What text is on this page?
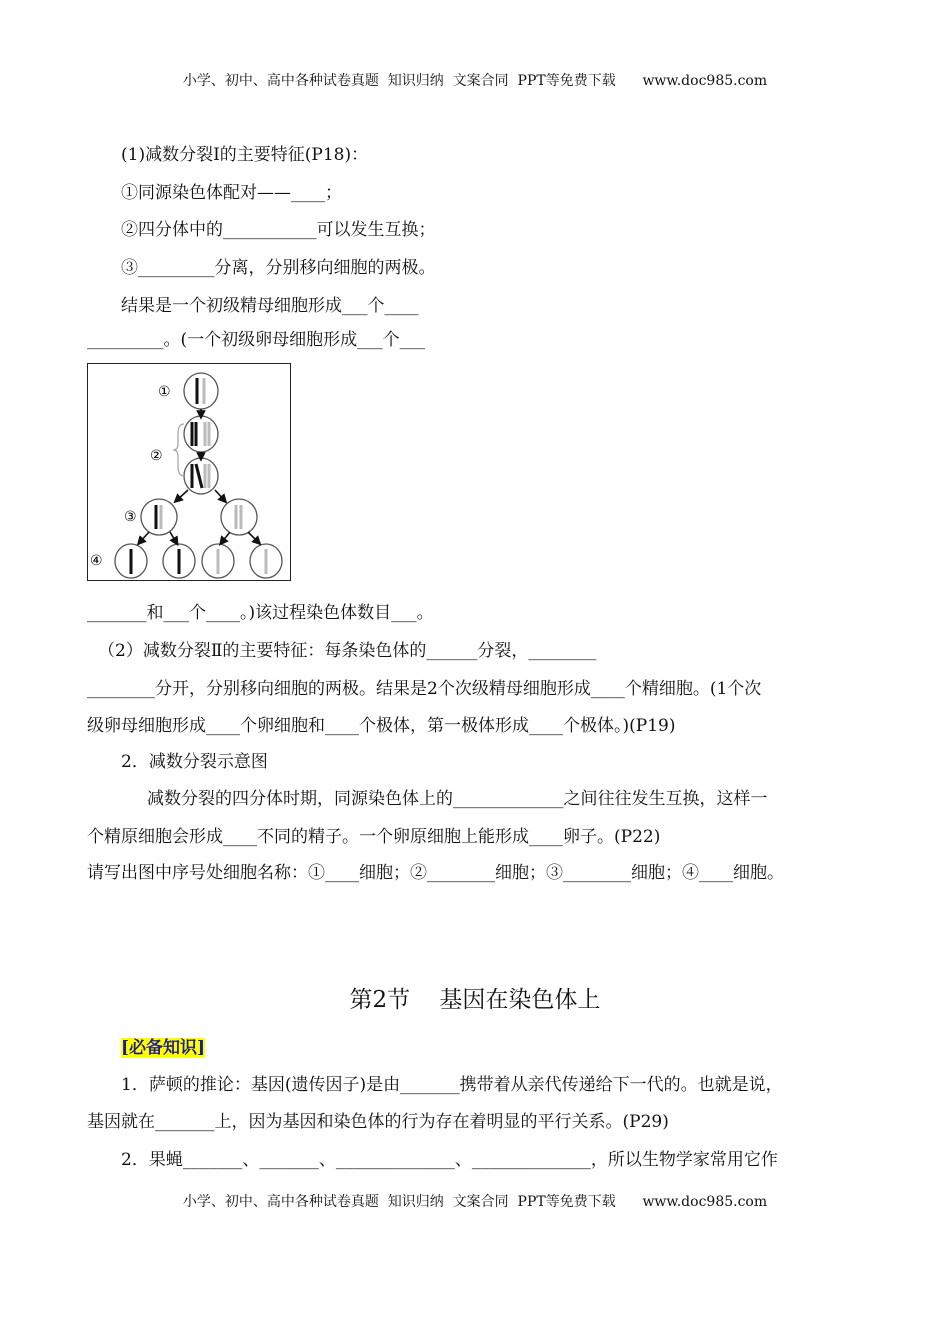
小学、初中、高中各种试卷真题  知识归纳  文案合同  PPT等免费下载      www.doc985.com
(1)减数分裂Ⅰ的主要特征(P18)：
①同源染色体配对——____；
②四分体中的___________可以发生互换；
③_________分离，分别移向细胞的两极。
结果是一个初级精母细胞形成___个____
_________。(一个初级卵母细胞形成___个___
①
②
③
④
_______和___个____。)该过程染色体数目___。
（2）减数分裂Ⅱ的主要特征：每条染色体的______分裂，________
________分开，分别移向细胞的两极。结果是2个次级精母细胞形成____个精细胞。(1个次
级卵母细胞形成____个卵细胞和____个极体，第一极体形成____个极体。)(P19)
2．减数分裂示意图
减数分裂的四分体时期，同源染色体上的_____________之间往往发生互换，这样一
个精原细胞会形成____不同的精子。一个卵原细胞上能形成____卵子。(P22)
请写出图中序号处细胞名称：①____细胞；②________细胞；③________细胞；④____细胞。
第2节    基因在染色体上
[必备知识]
1．萨顿的推论：基因(遗传因子)是由_______携带着从亲代传递给下一代的。也就是说，
基因就在_______上，因为基因和染色体的行为存在着明显的平行关系。(P29)
2．果蝇_______、_______、______________、______________，所以生物学家常用它作
小学、初中、高中各种试卷真题  知识归纳  文案合同  PPT等免费下载      www.doc985.com
